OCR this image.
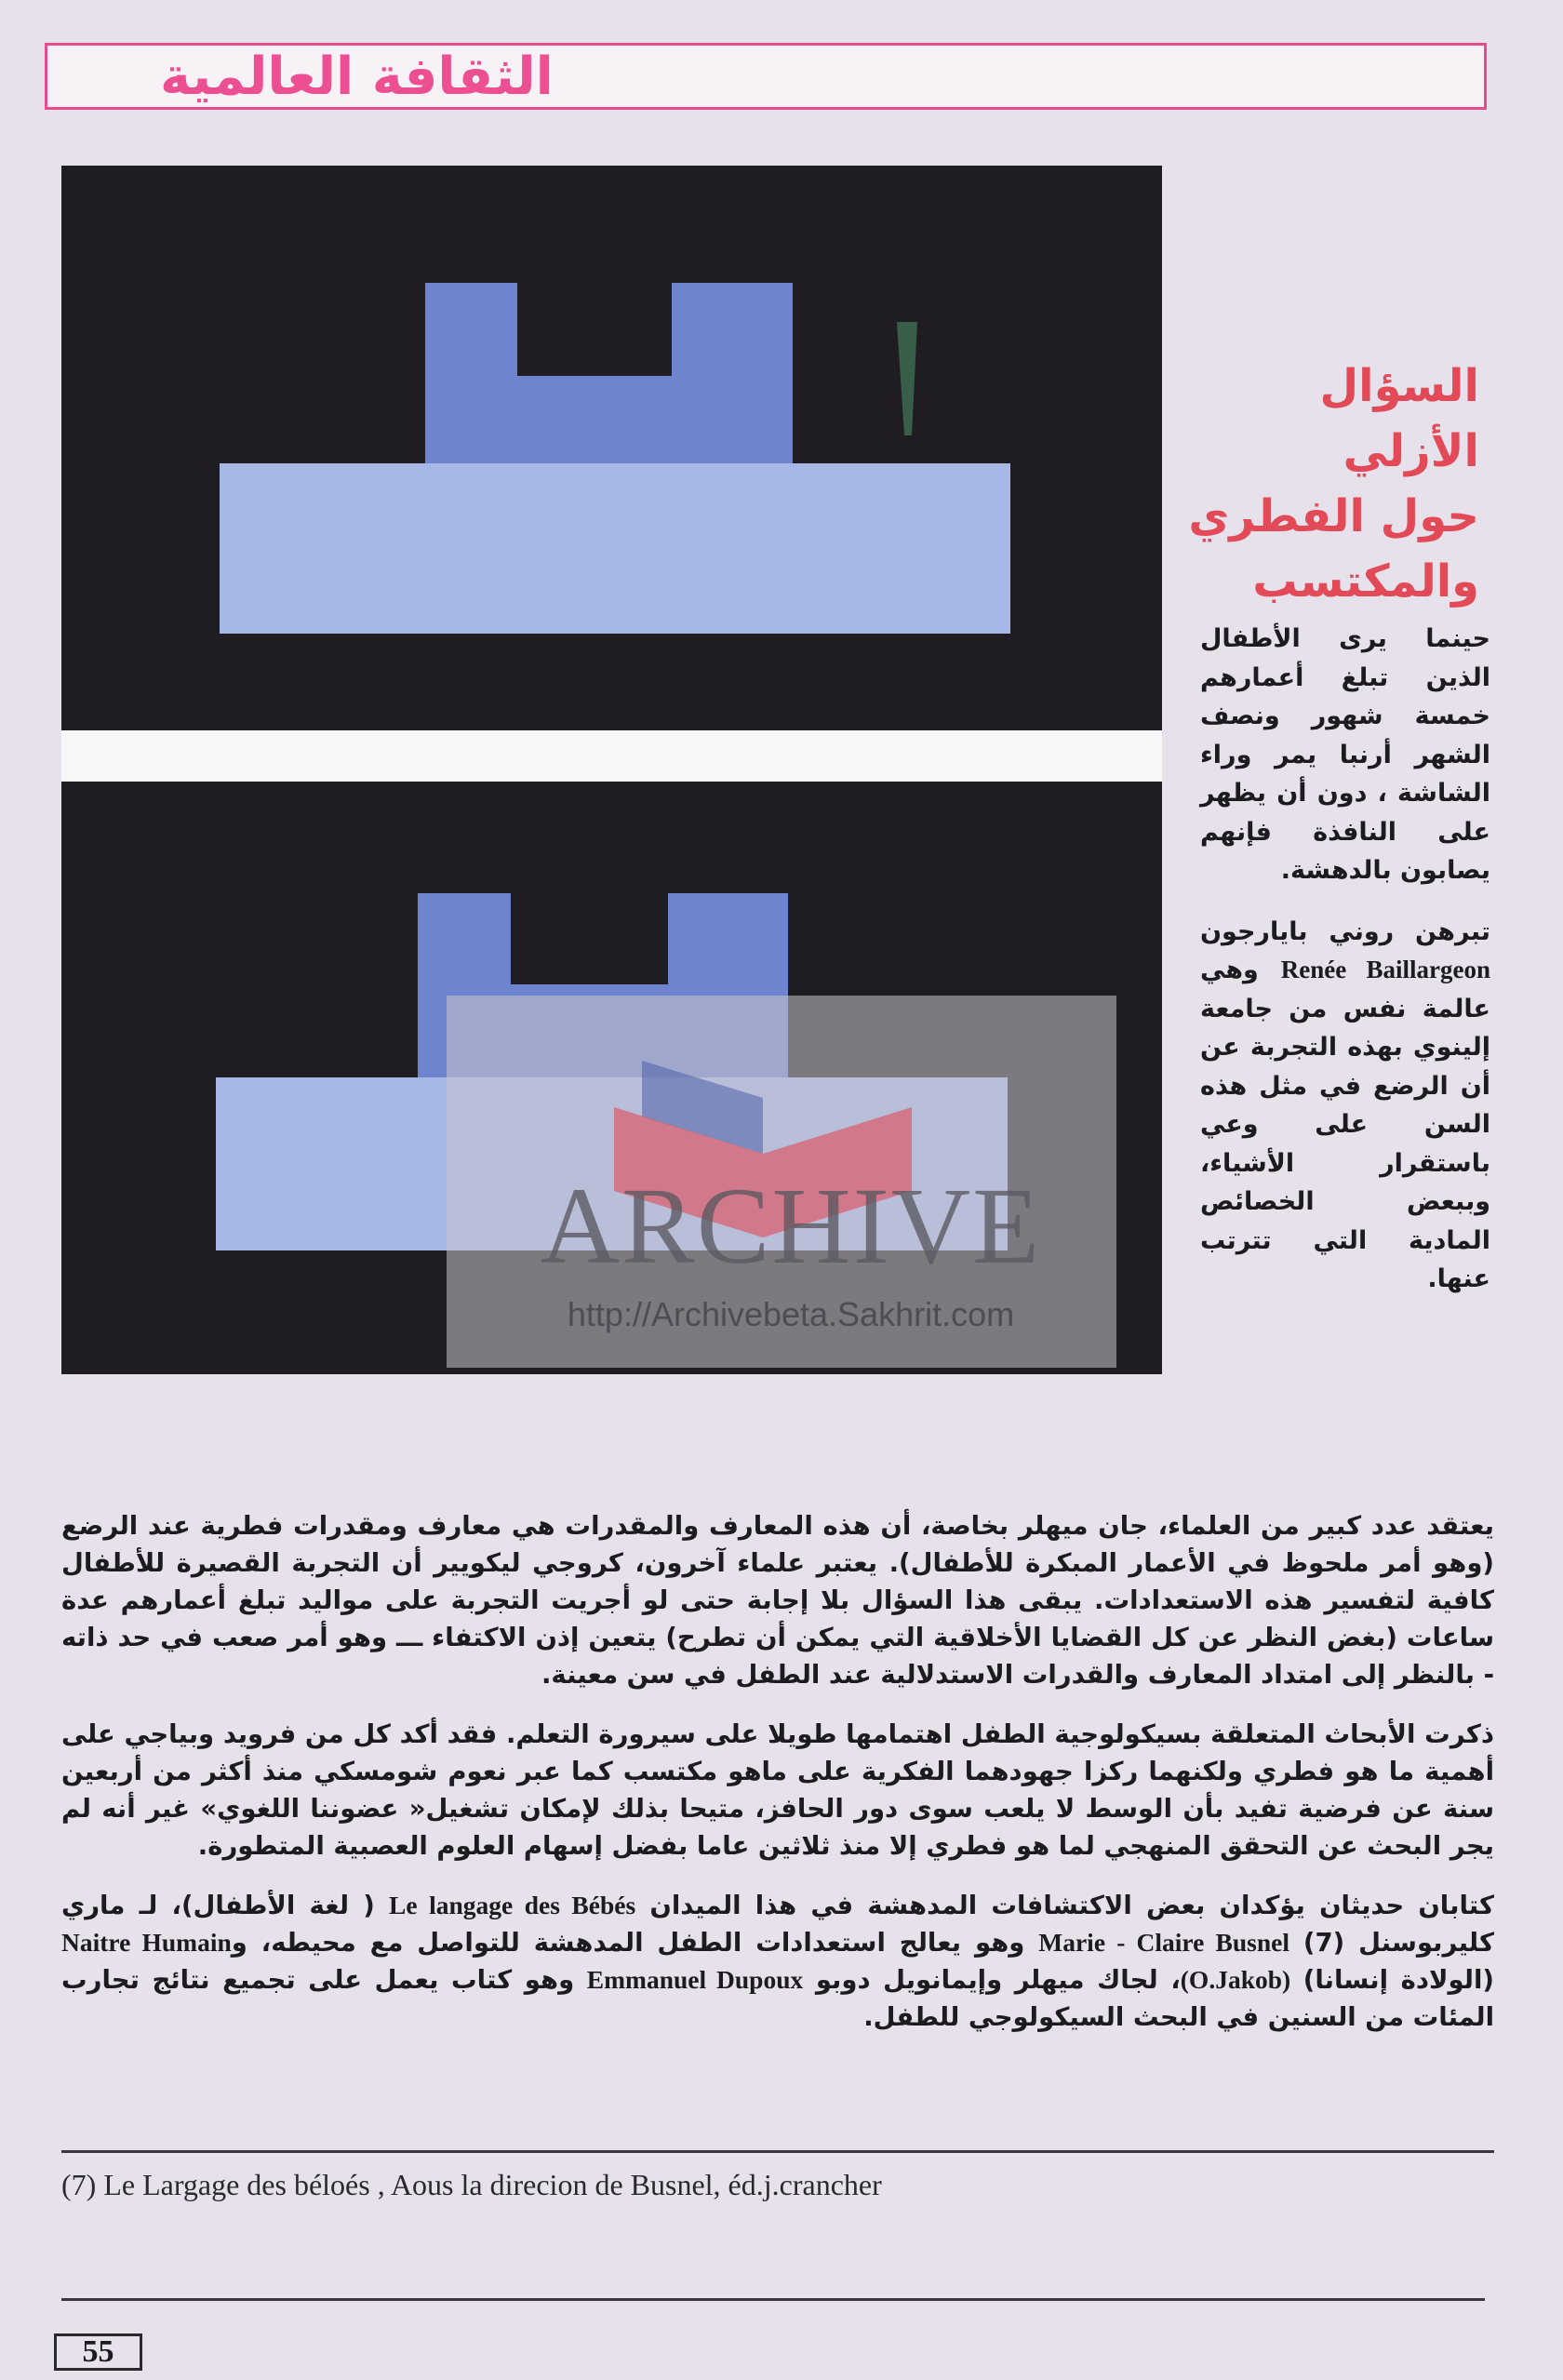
الثقافة العالمية
ARCHIVE
http://Archivebeta.Sakhrit.com
السؤال الأزلي
حول الفطري
والمكتسب

حينما يرى الأطفال الذين تبلغ أعمارهم خمسة شهور ونصف الشهر أرنبا يمر وراء الشاشة ، دون أن يظهر على النافذة فإنهم يصابون بالدهشة.

تبرهن روني بايارجون Renée Baillargeon وهي عالمة نفس من جامعة إلينوي بهذه التجربة عن أن الرضع في مثل هذه السن على وعي باستقرار الأشياء، وببعض الخصائص المادية التي تترتب عنها.

يعتقد عدد كبير من العلماء، جان ميهلر بخاصة، أن هذه المعارف والمقدرات هي معارف ومقدرات فطرية عند الرضع (وهو أمر ملحوظ في الأعمار المبكرة للأطفال). يعتبر علماء آخرون، كروجي ليكويير أن التجربة القصيرة للأطفال كافية لتفسير هذه الاستعدادات. يبقى هذا السؤال بلا إجابة حتى لو أجريت التجربة على مواليد تبلغ أعمارهم عدة ساعات (بغض النظر عن كل القضايا الأخلاقية التي يمكن أن تطرح) يتعين إذن الاكتفاء ـــ وهو أمر صعب في حد ذاته - بالنظر إلى امتداد المعارف والقدرات الاستدلالية عند الطفل في سن معينة.

ذكرت الأبحاث المتعلقة بسيكولوجية الطفل اهتمامها طويلا على سيرورة التعلم. فقد أكد كل من فرويد وبياجي على أهمية ما هو فطري ولكنهما ركزا جهودهما الفكرية على ماهو مكتسب كما عبر نعوم شومسكي منذ أكثر من أربعين سنة عن فرضية تفيد بأن الوسط لا يلعب سوى دور الحافز، متيحا بذلك لإمكان تشغيل« عضوننا اللغوي» غير أنه لم يجر البحث عن التحقق المنهجي لما هو فطري إلا منذ ثلاثين عاما بفضل إسهام العلوم العصبية المتطورة.

كتابان حديثان يؤكدان بعض الاكتشافات المدهشة في هذا الميدان Le langage des Bébés ( لغة الأطفال)، لـ ماري كليربوسنل Marie - Claire Busnel (7) وهو يعالج استعدادات الطفل المدهشة للتواصل مع محيطه، وNaitre Humain (الولادة إنسانا) (O.Jakob)، لجاك ميهلر وإيمانويل دوبو Emmanuel Dupoux وهو كتاب يعمل على تجميع نتائج تجارب المئات من السنين في البحث السيكولوجي للطفل.

(7) Le Largage des béloés , Aous la direcion de Busnel, éd.j.crancher
55
